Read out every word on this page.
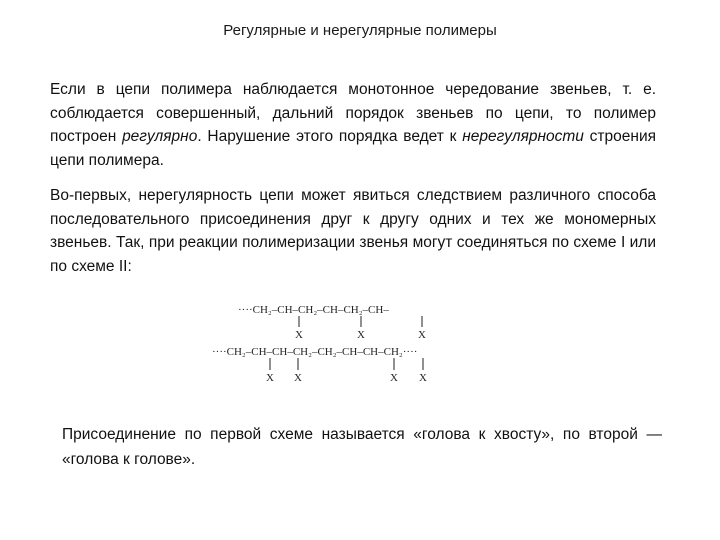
Регулярные и нерегулярные полимеры
Если в цепи полимера наблюдается монотонное чередование звеньев, т. е. соблюдается совершенный, дальний порядок звеньев по цепи, то полимер построен регулярно. Нарушение этого порядка ведет к нерегулярности строения цепи полимера.
Во-первых, нерегулярность цепи может явиться следствием различного способа последовательного присоединения друг к другу одних и тех же мономерных звеньев. Так, при реакции полимеризации звенья могут соединяться по схеме I или по схеме II:
····CH₂–CH–CH₂–CH–CH₂–CH–
X	X	X
····CH₂–CH–CH–CH₂–CH₂–CH–CH–CH₂····
X X	X X
Присоединение по первой схеме называется «голова к хвосту», по второй — «голова к голове».
